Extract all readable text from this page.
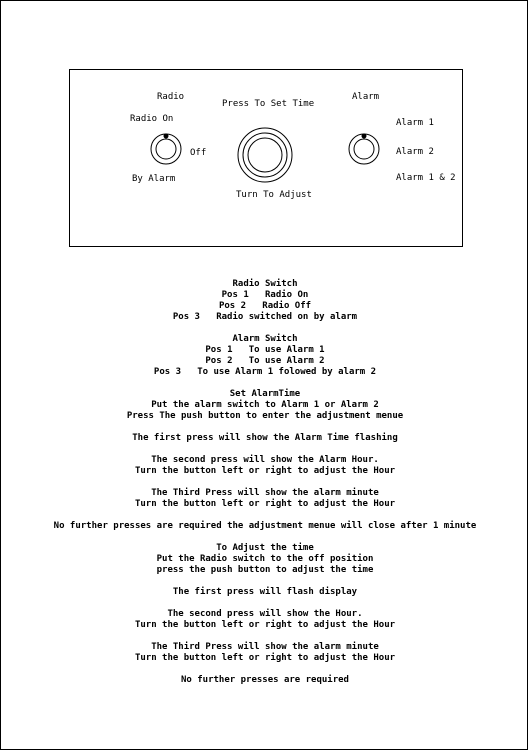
Radio
Radio On
Off
By Alarm
Press To Set Time
Turn To Adjust
Alarm
Alarm 1
Alarm 2
Alarm 1 & 2
Radio Switch
Pos 1   Radio On
Pos 2   Radio Off
Pos 3   Radio switched on by alarm
Alarm Switch
Pos 1   To use Alarm 1
Pos 2   To use Alarm 2
Pos 3   To use Alarm 1 folowed by alarm 2
Set AlarmTime
Put the alarm switch to Alarm 1 or Alarm 2
Press The push button to enter the adjustment menue
The first press will show the Alarm Time flashing
The second press will show the Alarm Hour.
Turn the button left or right to adjust the Hour
The Third Press will show the alarm minute
Turn the button left or right to adjust the Hour
No further presses are required the adjustment menue will close after 1 minute
To Adjust the time
Put the Radio switch to the off position
press the push button to adjust the time
The first press will flash display
The second press will show the Hour.
Turn the button left or right to adjust the Hour
The Third Press will show the alarm minute
Turn the button left or right to adjust the Hour
No further presses are required
